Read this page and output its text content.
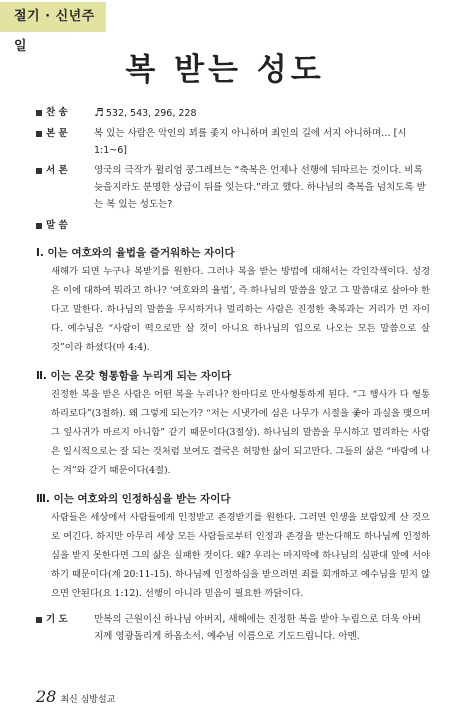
절기 · 신년주일
복 받는 성도
찬 송	♬ 532, 543, 296, 228
본 문	복 있는 사람은 악인의 꾀를 좇지 아니하며 죄인의 길에 서지 아니하며… [시 1:1~6]
서 론	영국의 극작가 윌리엄 콩그레브는 “축복은 언제나 선행에 뒤따르는 것이다. 비록 늦을지라도 분명한 상급이 뒤를 잇는다.”라고 했다. 하나님의 축복을 넘치도록 받는 복 있는 성도는?
말 씀
Ⅰ. 이는 여호와의 율법을 즐거워하는 자이다
새해가 되면 누구나 복받기를 원한다. 그러나 복을 받는 방법에 대해서는 각인각색이다. 성경은 이에 대하여 뭐라고 하나? ‘여호와의 율법’, 즉 하나님의 말씀을 알고 그 말씀대로 살아야 한다고 말한다. 하나님의 말씀을 무시하거나 멀리하는 사람은 진정한 축복과는 거리가 먼 자이다. 예수님은 “사람이 떡으로만 살 것이 아니요 하나님의 입으로 나오는 모든 말씀으로 살 것”이라 하셨다(마 4:4).
Ⅱ. 이는 온갖 형통함을 누리게 되는 자이다
진정한 복을 받은 사람은 어떤 복을 누리나? 한마디로 만사형통하게 된다. “그 행사가 다 형통하리로다”(3절하). 왜 그렇게 되는가? “저는 시냇가에 심은 나무가 시절을 좇아 과실을 맺으며 그 잎사귀가 마르지 아니함” 같기 때문이다(3절상). 하나님의 말씀을 무시하고 멀리하는 사람은 일시적으로는 잘 되는 것처럼 보여도 결국은 허망한 삶이 되고만다. 그들의 삶은 “바람에 나는 겨”와 같기 때문이다(4절).
Ⅲ. 이는 여호와의 인정하심을 받는 자이다
사람들은 세상에서 사람들에게 인정받고 존경받기를 원한다. 그러면 인생을 보람있게 산 것으로 여긴다. 하지만 아무리 세상 모든 사람들로부터 인정과 존경을 받는다해도 하나님께 인정하심을 받지 못한다면 그의 삶은 실패한 것이다. 왜? 우리는 마지막에 하나님의 심판대 앞에 서야 하기 때문이다(계 20:11-15). 하나님께 인정하심을 받으려면 죄를 회개하고 예수님을 믿지 않으면 안된다(요 1:12). 선행이 아니라 믿음이 필요한 까닭이다.
기 도	만복의 근원이신 하나님 아버지, 새해에는 진정한 복을 받아 누림으로 더욱 아버지께 영광돌리게 하옵소서. 예수님 이름으로 기도드립니다. 아멘.
28 최신 심방설교
